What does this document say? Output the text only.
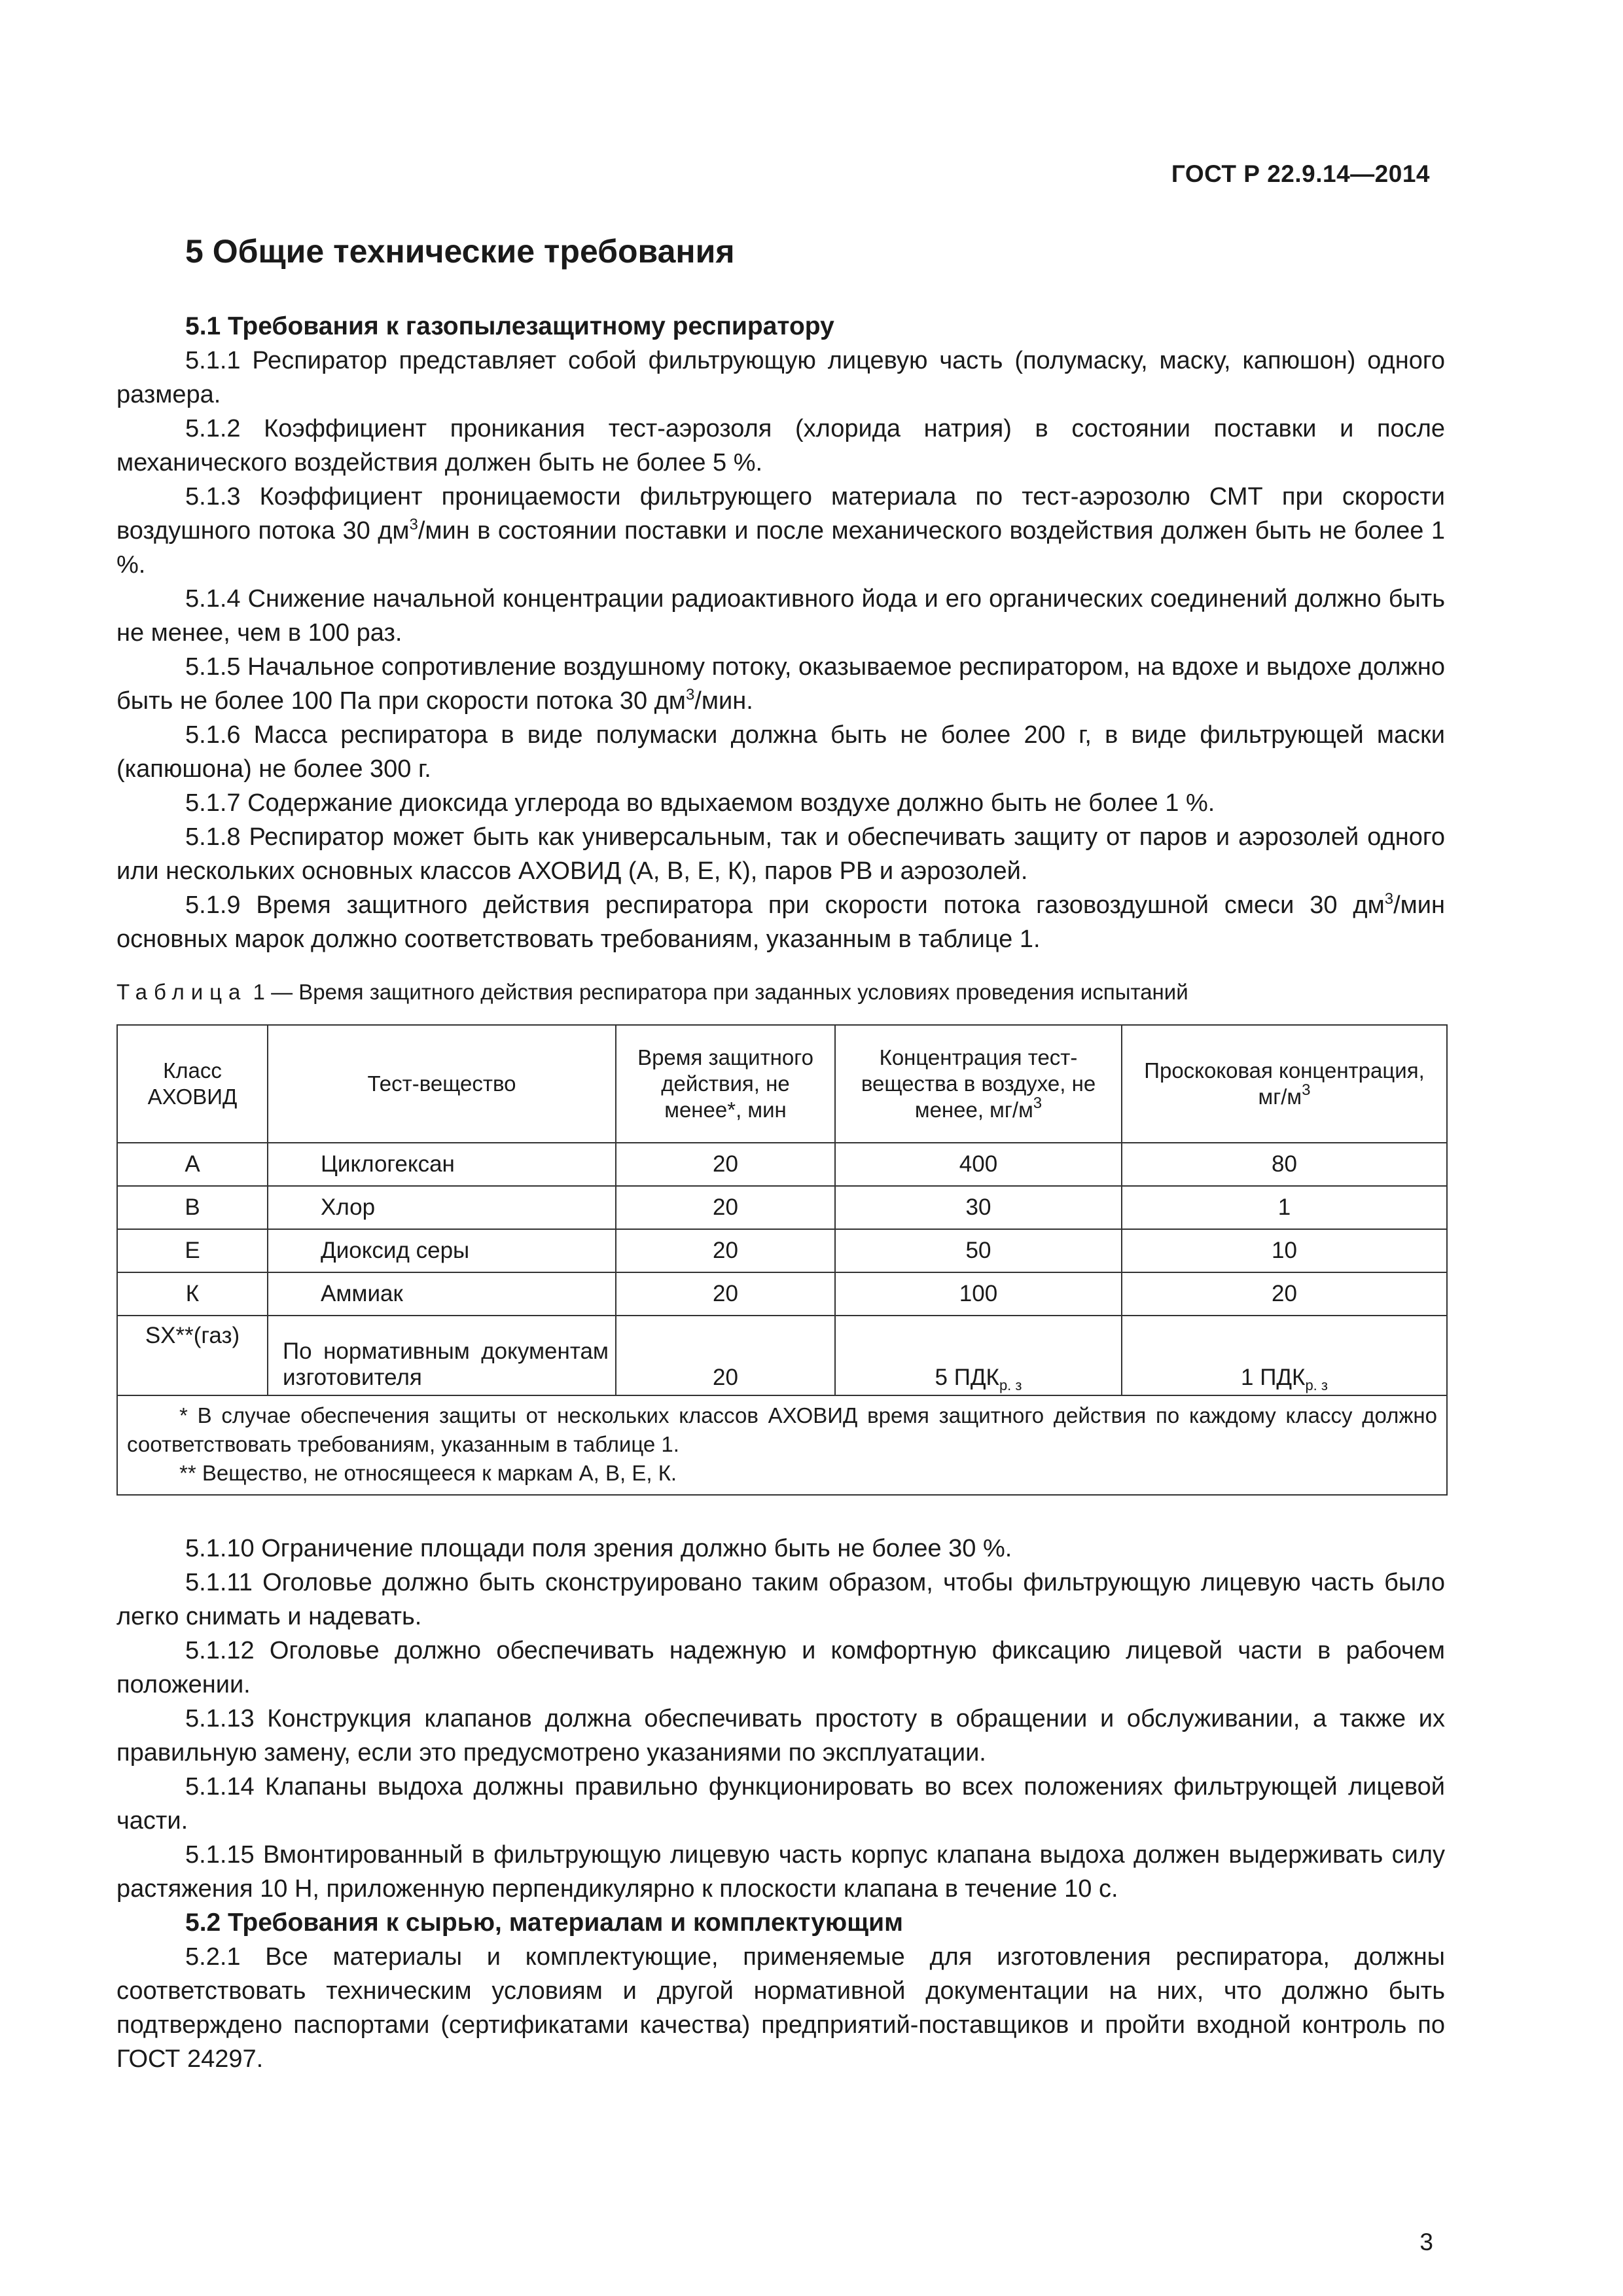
ГОСТ Р 22.9.14—2014
5 Общие технические требования

5.1 Требования к газопылезащитному респиратору

5.1.1 Респиратор представляет собой фильтрующую лицевую часть (полумаску, маску, капюшон) одного размера.

5.1.2 Коэффициент проникания тест-аэрозоля (хлорида натрия) в состоянии поставки и после механического воздействия должен быть не более 5 %.

5.1.3 Коэффициент проницаемости фильтрующего материала по тест-аэрозолю СМТ при скорости воздушного потока 30 $дм^3$/мин в состоянии поставки и после механического воздействия должен быть не более 1 %.

5.1.4 Снижение начальной концентрации радиоактивного йода и его органических соединений должно быть не менее, чем в 100 раз.

5.1.5 Начальное сопротивление воздушному потоку, оказываемое респиратором, на вдохе и выдохе должно быть не более 100 Па при скорости потока 30 $дм^3$/мин.

5.1.6 Масса респиратора в виде полумаски должна быть не более 200 г, в виде фильтрующей маски (капюшона) не более 300 г.

5.1.7 Содержание диоксида углерода во вдыхаемом воздухе должно быть не более 1 %.

5.1.8 Респиратор может быть как универсальным, так и обеспечивать защиту от паров и аэрозолей одного или нескольких основных классов АХОВИД (А, В, Е, К), паров РВ и аэрозолей.

5.1.9 Время защитного действия респиратора при скорости потока газовоздушной смеси 30 $дм^3$/мин основных марок должно соответствовать требованиям, указанным в таблице 1.

Таблица 1 — Время защитного действия респиратора при заданных условиях проведения испытаний
Класс АХОВИД	Тест-вещество	Время защитного действия, не менее*, мин	Концентрация тест-вещества в воздухе, не менее, $мг/м^3$	Проскоковая концентрация, $мг/м^3$
А	Циклогексан	20	400	80
В	Хлор	20	30	1
Е	Диоксид серы	20	50	10
К	Аммиак	20	100	20
SX**(газ)	По нормативным документам изготовителя	20	5 $ПДК_{р. з}$	1 $ПДК_{р. з}$

* В случае обеспечения защиты от нескольких классов АХОВИД время защитного действия по каждому классу должно соответствовать требованиям, указанным в таблице 1.

** Вещество, не относящееся к маркам А, В, Е, К.				

5.1.10 Ограничение площади поля зрения должно быть не более 30 %.

5.1.11 Оголовье должно быть сконструировано таким образом, чтобы фильтрующую лицевую часть было легко снимать и надевать.

5.1.12 Оголовье должно обеспечивать надежную и комфортную фиксацию лицевой части в рабочем положении.

5.1.13 Конструкция клапанов должна обеспечивать простоту в обращении и обслуживании, а также их правильную замену, если это предусмотрено указаниями по эксплуатации.

5.1.14 Клапаны выдоха должны правильно функционировать во всех положениях фильтрующей лицевой части.

5.1.15 Вмонтированный в фильтрующую лицевую часть корпус клапана выдоха должен выдерживать силу растяжения 10 Н, приложенную перпендикулярно к плоскости клапана в течение 10 с.

5.2 Требования к сырью, материалам и комплектующим

5.2.1 Все материалы и комплектующие, применяемые для изготовления респиратора, должны соответствовать техническим условиям и другой нормативной документации на них, что должно быть подтверждено паспортами (сертификатами качества) предприятий-поставщиков и пройти входной контроль по ГОСТ 24297.

3
